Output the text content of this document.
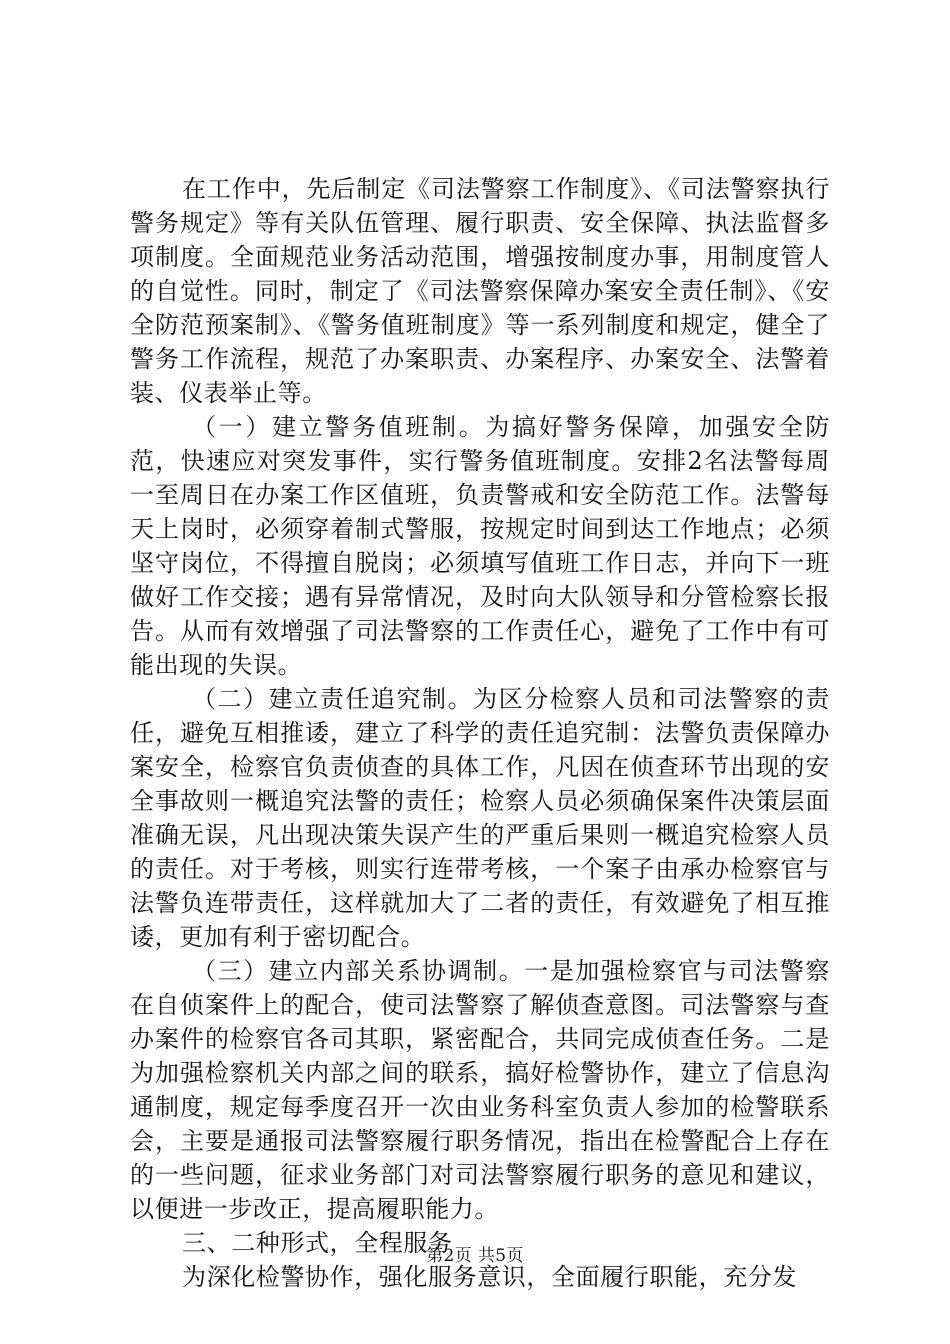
在工作中，先后制定《司法警察工作制度》、《司法警察执行警务规定》等有关队伍管理、履行职责、安全保障、执法监督多项制度。全面规范业务活动范围，增强按制度办事，用制度管人的自觉性。同时，制定了《司法警察保障办案安全责任制》、《安全防范预案制》、《警务值班制度》等一系列制度和规定，健全了警务工作流程，规范了办案职责、办案程序、办案安全、法警着装、仪表举止等。

（一）建立警务值班制。为搞好警务保障，加强安全防范，快速应对突发事件，实行警务值班制度。安排2名法警每周一至周日在办案工作区值班，负责警戒和安全防范工作。法警每天上岗时，必须穿着制式警服，按规定时间到达工作地点；必须坚守岗位，不得擅自脱岗；必须填写值班工作日志，并向下一班做好工作交接；遇有异常情况，及时向大队领导和分管检察长报告。从而有效增强了司法警察的工作责任心，避免了工作中有可能出现的失误。

（二）建立责任追究制。为区分检察人员和司法警察的责任，避免互相推诿，建立了科学的责任追究制：法警负责保障办案安全，检察官负责侦查的具体工作，凡因在侦查环节出现的安全事故则一概追究法警的责任；检察人员必须确保案件决策层面准确无误，凡出现决策失误产生的严重后果则一概追究检察人员的责任。对于考核，则实行连带考核，一个案子由承办检察官与法警负连带责任，这样就加大了二者的责任，有效避免了相互推诿，更加有利于密切配合。

（三）建立内部关系协调制。一是加强检察官与司法警察在自侦案件上的配合，使司法警察了解侦查意图。司法警察与查办案件的检察官各司其职，紧密配合，共同完成侦查任务。二是为加强检察机关内部之间的联系，搞好检警协作，建立了信息沟通制度，规定每季度召开一次由业务科室负责人参加的检警联系会，主要是通报司法警察履行职务情况，指出在检警配合上存在的一些问题，征求业务部门对司法警察履行职务的意见和建议，以便进一步改正，提高履职能力。

三、二种形式，全程服务

为深化检警协作，强化服务意识，全面履行职能，充分发

第2页 共5页
